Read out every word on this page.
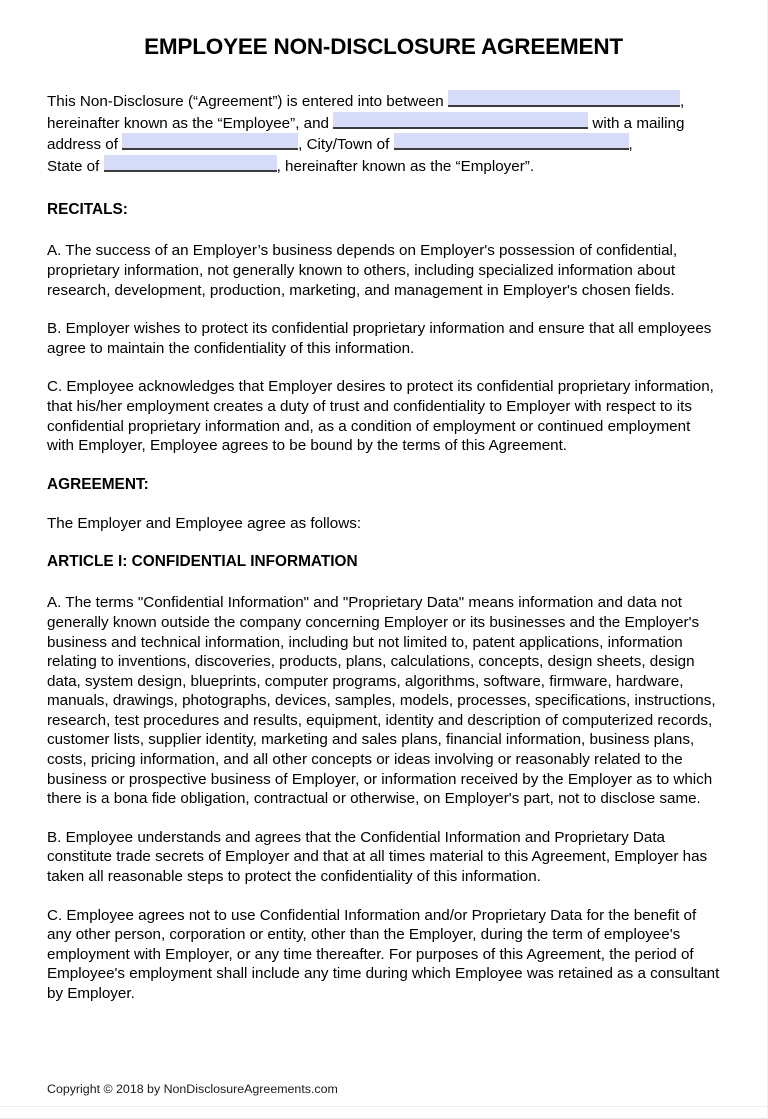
EMPLOYEE NON-DISCLOSURE AGREEMENT
This Non-Disclosure (“Agreement”) is entered into between	,
hereinafter known as the “Employee”, and	with a mailing
address of	, City/Town of	,
State of	, hereinafter known as the “Employer”.
RECITALS:

A. The success of an Employer’s business depends on Employer's possession of confidential, proprietary information, not generally known to others, including specialized information about research, development, production, marketing, and management in Employer's chosen fields.

B. Employer wishes to protect its confidential proprietary information and ensure that all employees agree to maintain the confidentiality of this information.

C. Employee acknowledges that Employer desires to protect its confidential proprietary information, that his/her employment creates a duty of trust and confidentiality to Employer with respect to its confidential proprietary information and, as a condition of employment or continued employment with Employer, Employee agrees to be bound by the terms of this Agreement.

AGREEMENT:

The Employer and Employee agree as follows:

ARTICLE I: CONFIDENTIAL INFORMATION

A. The terms "Confidential Information" and "Proprietary Data" means information and data not generally known outside the company concerning Employer or its businesses and the Employer's business and technical information, including but not limited to, patent applications, information relating to inventions, discoveries, products, plans, calculations, concepts, design sheets, design data, system design, blueprints, computer programs, algorithms, software, firmware, hardware, manuals, drawings, photographs, devices, samples, models, processes, specifications, instructions, research, test procedures and results, equipment, identity and description of computerized records, customer lists, supplier identity, marketing and sales plans, financial information, business plans, costs, pricing information, and all other concepts or ideas involving or reasonably related to the business or prospective business of Employer, or information received by the Employer as to which there is a bona fide obligation, contractual or otherwise, on Employer's part, not to disclose same.

B. Employee understands and agrees that the Confidential Information and Proprietary Data constitute trade secrets of Employer and that at all times material to this Agreement, Employer has taken all reasonable steps to protect the confidentiality of this information.

C. Employee agrees not to use Confidential Information and/or Proprietary Data for the benefit of any other person, corporation or entity, other than the Employer, during the term of employee's employment with Employer, or any time thereafter. For purposes of this Agreement, the period of Employee's employment shall include any time during which Employee was retained as a consultant by Employer.

Copyright © 2018 by NonDisclosureAgreements.com
